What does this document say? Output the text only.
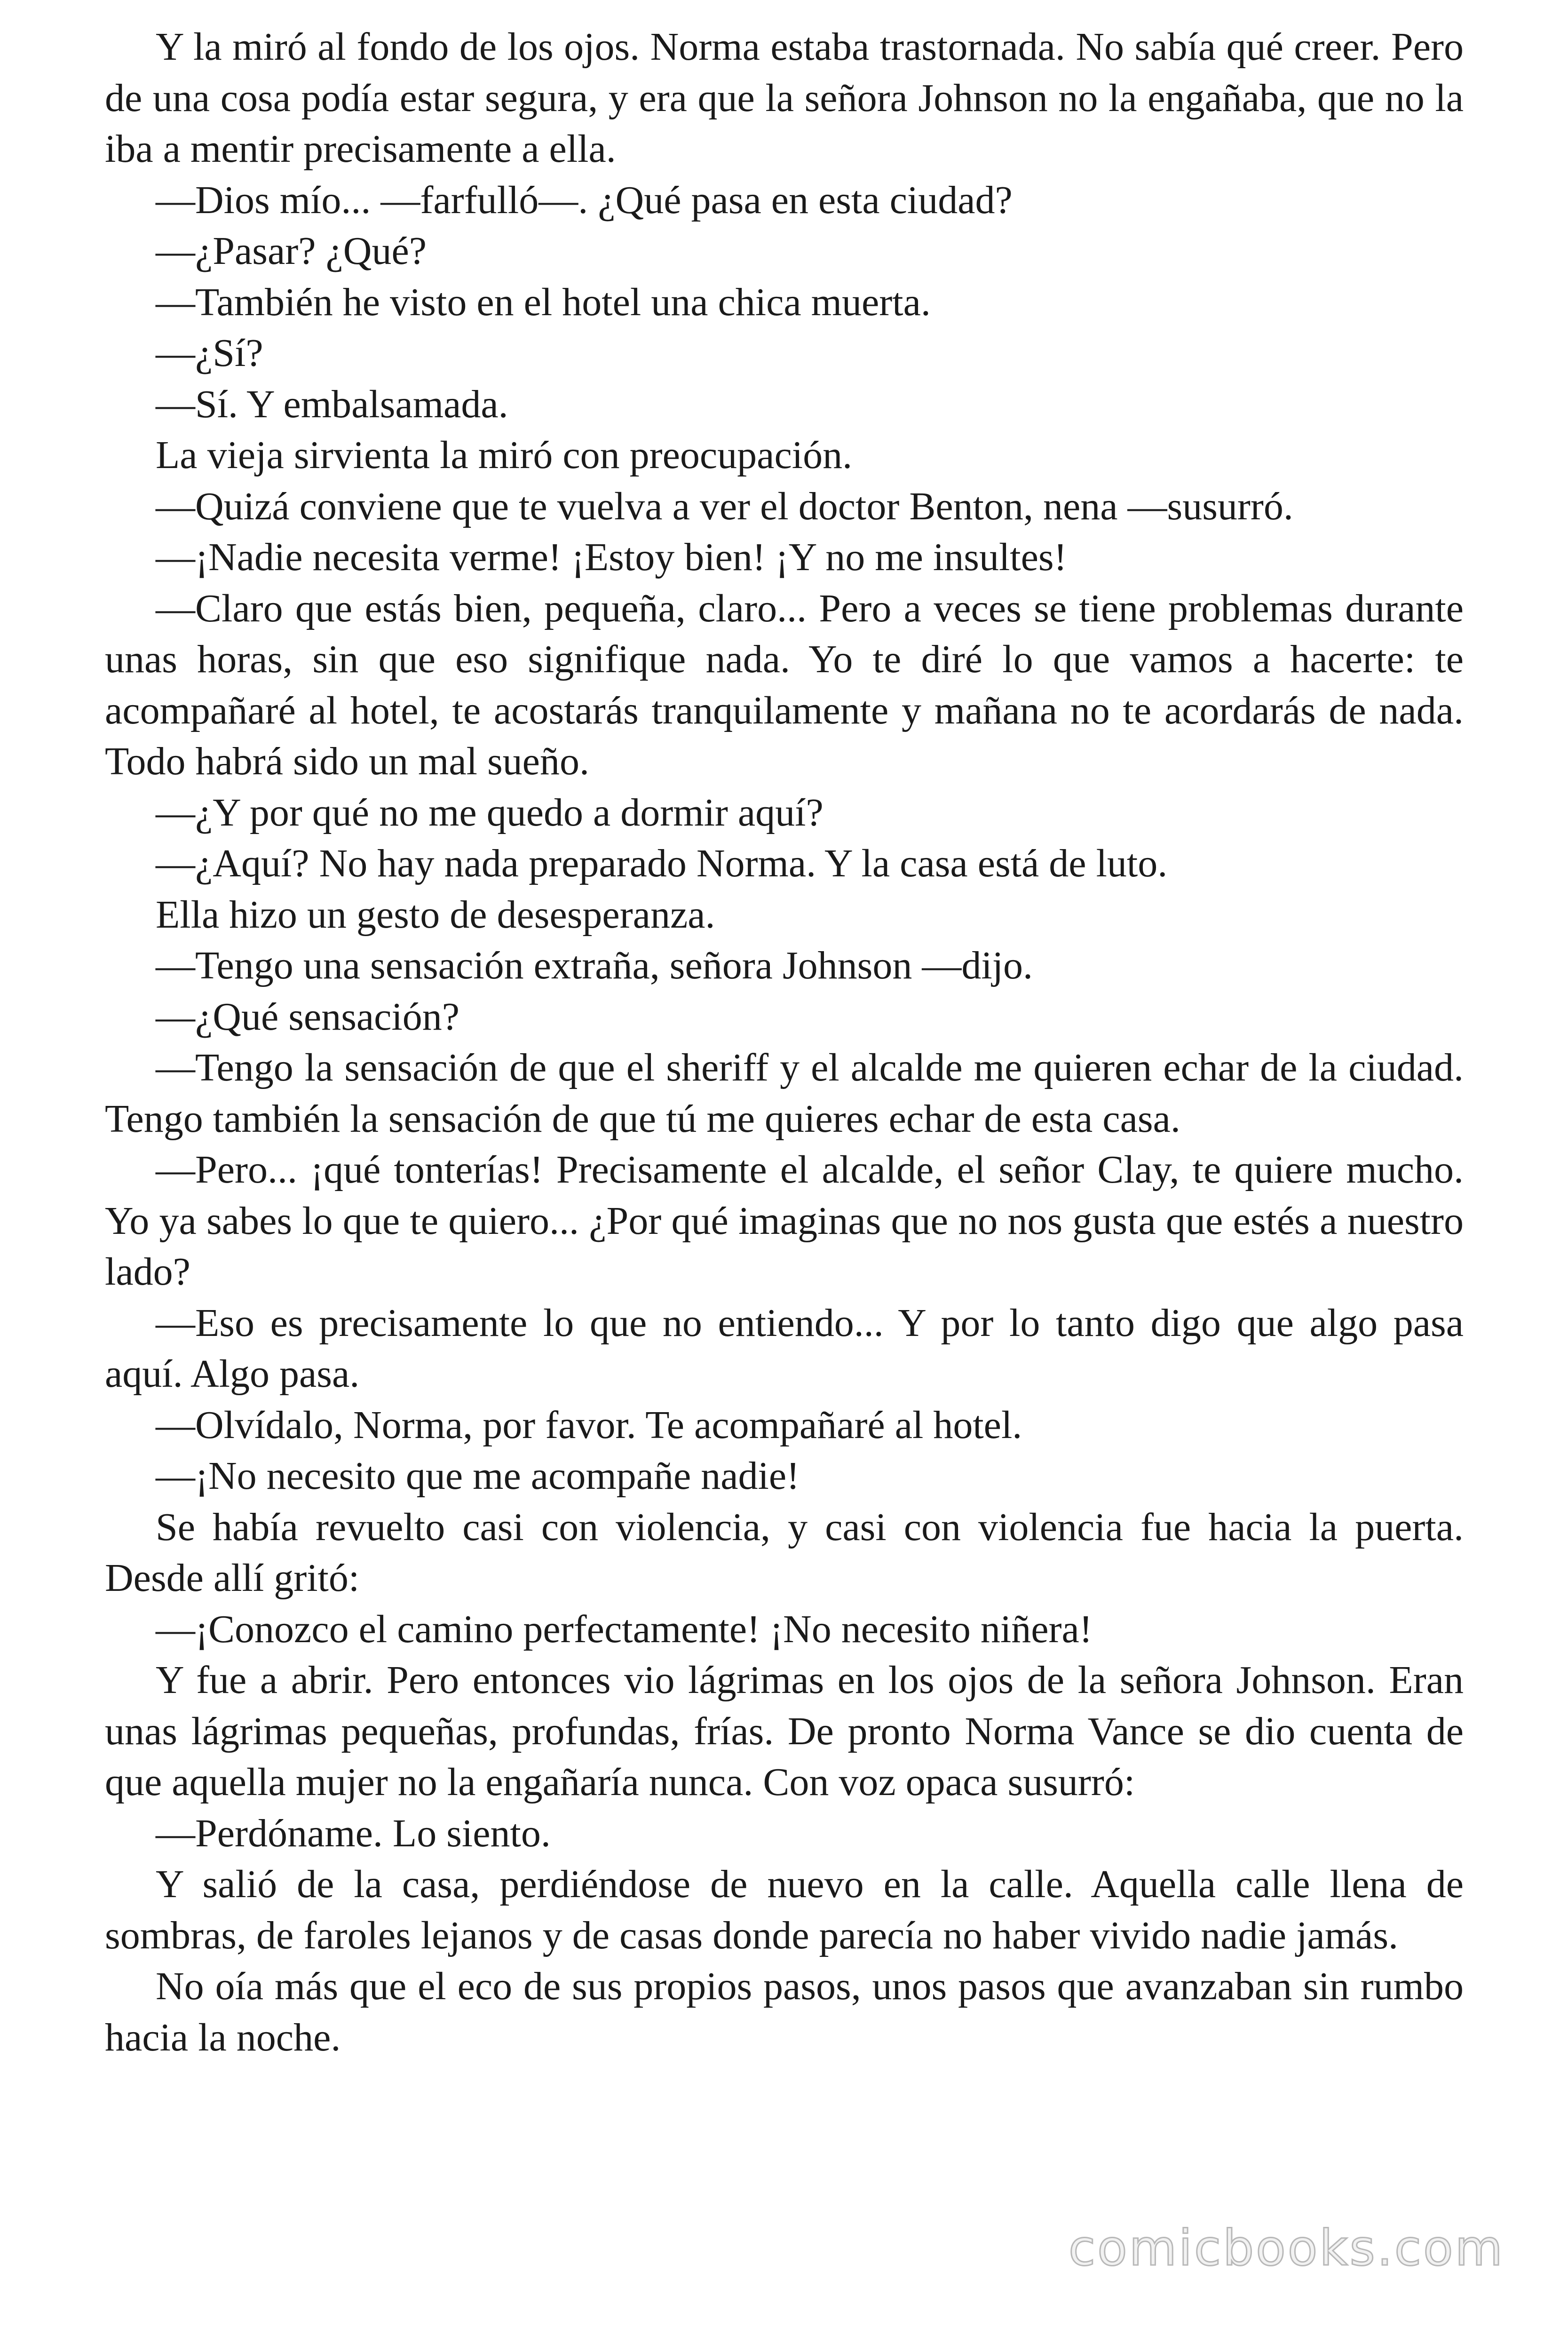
Y la miró al fondo de los ojos. Norma estaba trastornada. No sabía qué creer. Pero de una cosa podía estar segura, y era que la señora Johnson no la engañaba, que no la iba a mentir precisamente a ella.

—Dios mío... —farfulló—. ¿Qué pasa en esta ciudad?

—¿Pasar? ¿Qué?

—También he visto en el hotel una chica muerta.

—¿Sí?

—Sí. Y embalsamada.

La vieja sirvienta la miró con preocupación.

—Quizá conviene que te vuelva a ver el doctor Benton, nena —susurró.

—¡Nadie necesita verme! ¡Estoy bien! ¡Y no me insultes!

—Claro que estás bien, pequeña, claro... Pero a veces se tiene problemas durante unas horas, sin que eso signifique nada. Yo te diré lo que vamos a hacerte: te acompañaré al hotel, te acostarás tranquilamente y mañana no te acordarás de nada. Todo habrá sido un mal sueño.

—¿Y por qué no me quedo a dormir aquí?

—¿Aquí? No hay nada preparado Norma. Y la casa está de luto.

Ella hizo un gesto de desesperanza.

—Tengo una sensación extraña, señora Johnson —dijo.

—¿Qué sensación?

—Tengo la sensación de que el sheriff y el alcalde me quieren echar de la ciudad. Tengo también la sensación de que tú me quieres echar de esta casa.

—Pero... ¡qué tonterías! Precisamente el alcalde, el señor Clay, te quiere mucho. Yo ya sabes lo que te quiero... ¿Por qué imaginas que no nos gusta que estés a nuestro lado?

—Eso es precisamente lo que no entiendo... Y por lo tanto digo que algo pasa aquí. Algo pasa.

—Olvídalo, Norma, por favor. Te acompañaré al hotel.

—¡No necesito que me acompañe nadie!

Se había revuelto casi con violencia, y casi con violencia fue hacia la puerta. Desde allí gritó:

—¡Conozco el camino perfectamente! ¡No necesito niñera!

Y fue a abrir. Pero entonces vio lágrimas en los ojos de la señora Johnson. Eran unas lágrimas pequeñas, profundas, frías. De pronto Norma Vance se dio cuenta de que aquella mujer no la engañaría nunca. Con voz opaca susurró:

—Perdóname. Lo siento.

Y salió de la casa, perdiéndose de nuevo en la calle. Aquella calle llena de sombras, de faroles lejanos y de casas donde parecía no haber vivido nadie jamás.

No oía más que el eco de sus propios pasos, unos pasos que avanzaban sin rumbo hacia la noche.

comicbooks.com
